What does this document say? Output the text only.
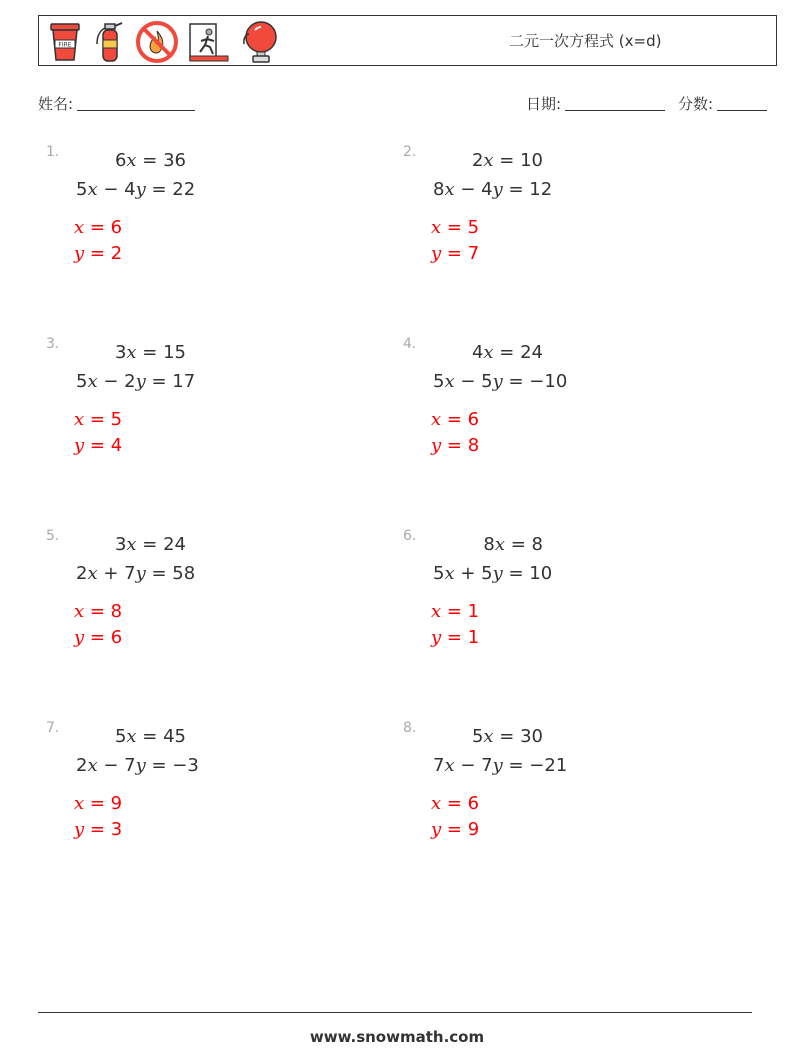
FIRE	二元一次方程式 (x=d)
姓名:	日期:	分数:
1.	6x = 36
5x − 4y = 22
x = 6
y = 2
2.	2x = 10
8x − 4y = 12
x = 5
y = 7
3.	3x = 15
5x − 2y = 17
x = 5
y = 4
4.	4x = 24
5x − 5y = −10
x = 6
y = 8
5.	3x = 24
2x + 7y = 58
x = 8
y = 6
6.	8x = 8
5x + 5y = 10
x = 1
y = 1
7.	5x = 45
2x − 7y = −3
x = 9
y = 3
8.	5x = 30
7x − 7y = −21
x = 6
y = 9
www.snowmath.com
